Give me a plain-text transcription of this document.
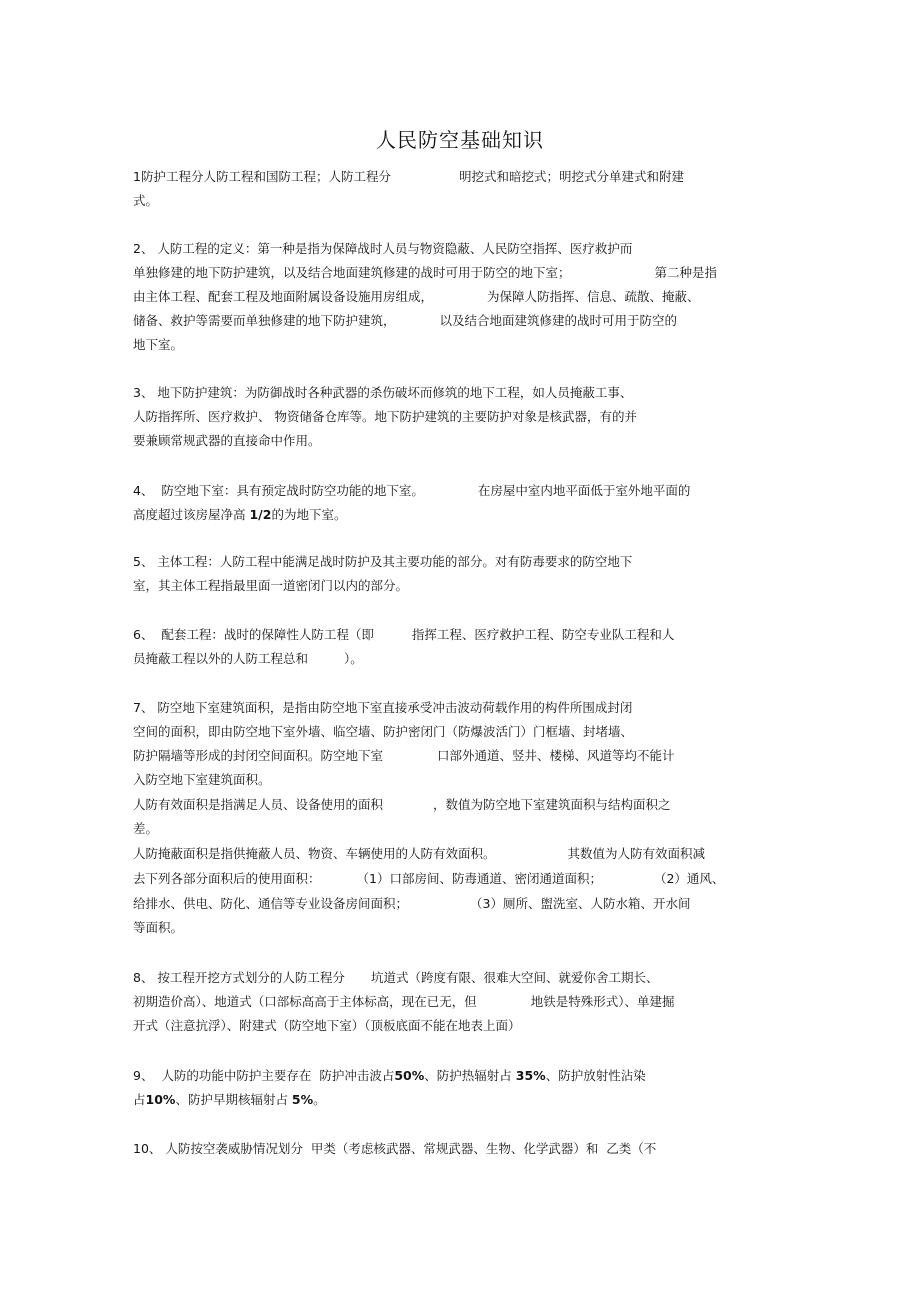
人民防空基础知识
1防护工程分人防工程和国防工程；人防工程分	明挖式和暗挖式；明挖式分单建式和附建
式。
2、 人防工程的定义：第一种是指为保障战时人员与物资隐蔽、人民防空指挥、医疗救护而
单独修建的地下防护建筑，以及结合地面建筑修建的战时可用于防空的地下室；	第二种是指
由主体工程、配套工程及地面附属设备设施用房组成，	为保障人防指挥、信息、疏散、掩蔽、
储备、救护等需要而单独修建的地下防护建筑，	以及结合地面建筑修建的战时可用于防空的
地下室。
3、 地下防护建筑：为防御战时各种武器的杀伤破坏而修筑的地下工程，如人员掩蔽工事、
人防指挥所、医疗救护、 物资储备仓库等。地下防护建筑的主要防护对象是核武器，有的并
要兼顾常规武器的直接命中作用。
4、  防空地下室：具有预定战时防空功能的地下室。	在房屋中室内地平面低于室外地平面的
高度超过该房屋净高 1/2的为地下室。
5、 主体工程：人防工程中能满足战时防护及其主要功能的部分。对有防毒要求的防空地下
室，其主体工程指最里面一道密闭门以内的部分。
6、  配套工程：战时的保障性人防工程（即	指挥工程、医疗救护工程、防空专业队工程和人
员掩蔽工程以外的人防工程总和	）。
7、 防空地下室建筑面积，是指由防空地下室直接承受冲击波动荷载作用的构件所围成封闭
空间的面积，即由防空地下室外墙、临空墙、防护密闭门（防爆波活门）门框墙、封堵墙、
防护隔墙等形成的封闭空间面积。防空地下室	口部外通道、竖井、楼梯、风道等均不能计
入防空地下室建筑面积。
人防有效面积是指满足人员、设备使用的面积	，数值为防空地下室建筑面积与结构面积之
差。
人防掩蔽面积是指供掩蔽人员、物资、车辆使用的人防有效面积。	其数值为人防有效面积减
去下列各部分面积后的使用面积：	（1）口部房间、防毒通道、密闭通道面积；	（2）通风、
给排水、供电、防化、通信等专业设备房间面积；	（3）厕所、盥洗室、人防水箱、开水间
等面积。
8、 按工程开挖方式划分的人防工程分 坑道式（跨度有限、很难大空间、就爱你舍工期长、
初期造价高）、地道式（口部标高高于主体标高，现在已无，但	地铁是特殊形式）、单建掘
开式（注意抗浮）、附建式（防空地下室）（顶板底面不能在地表上面）
9、  人防的功能中防护主要存在  防护冲击波占50%、防护热辐射占 35%、防护放射性沾染
占10%、防护早期核辐射占 5%。
10、 人防按空袭威胁情况划分  甲类（考虑核武器、常规武器、生物、化学武器）和  乙类（不
